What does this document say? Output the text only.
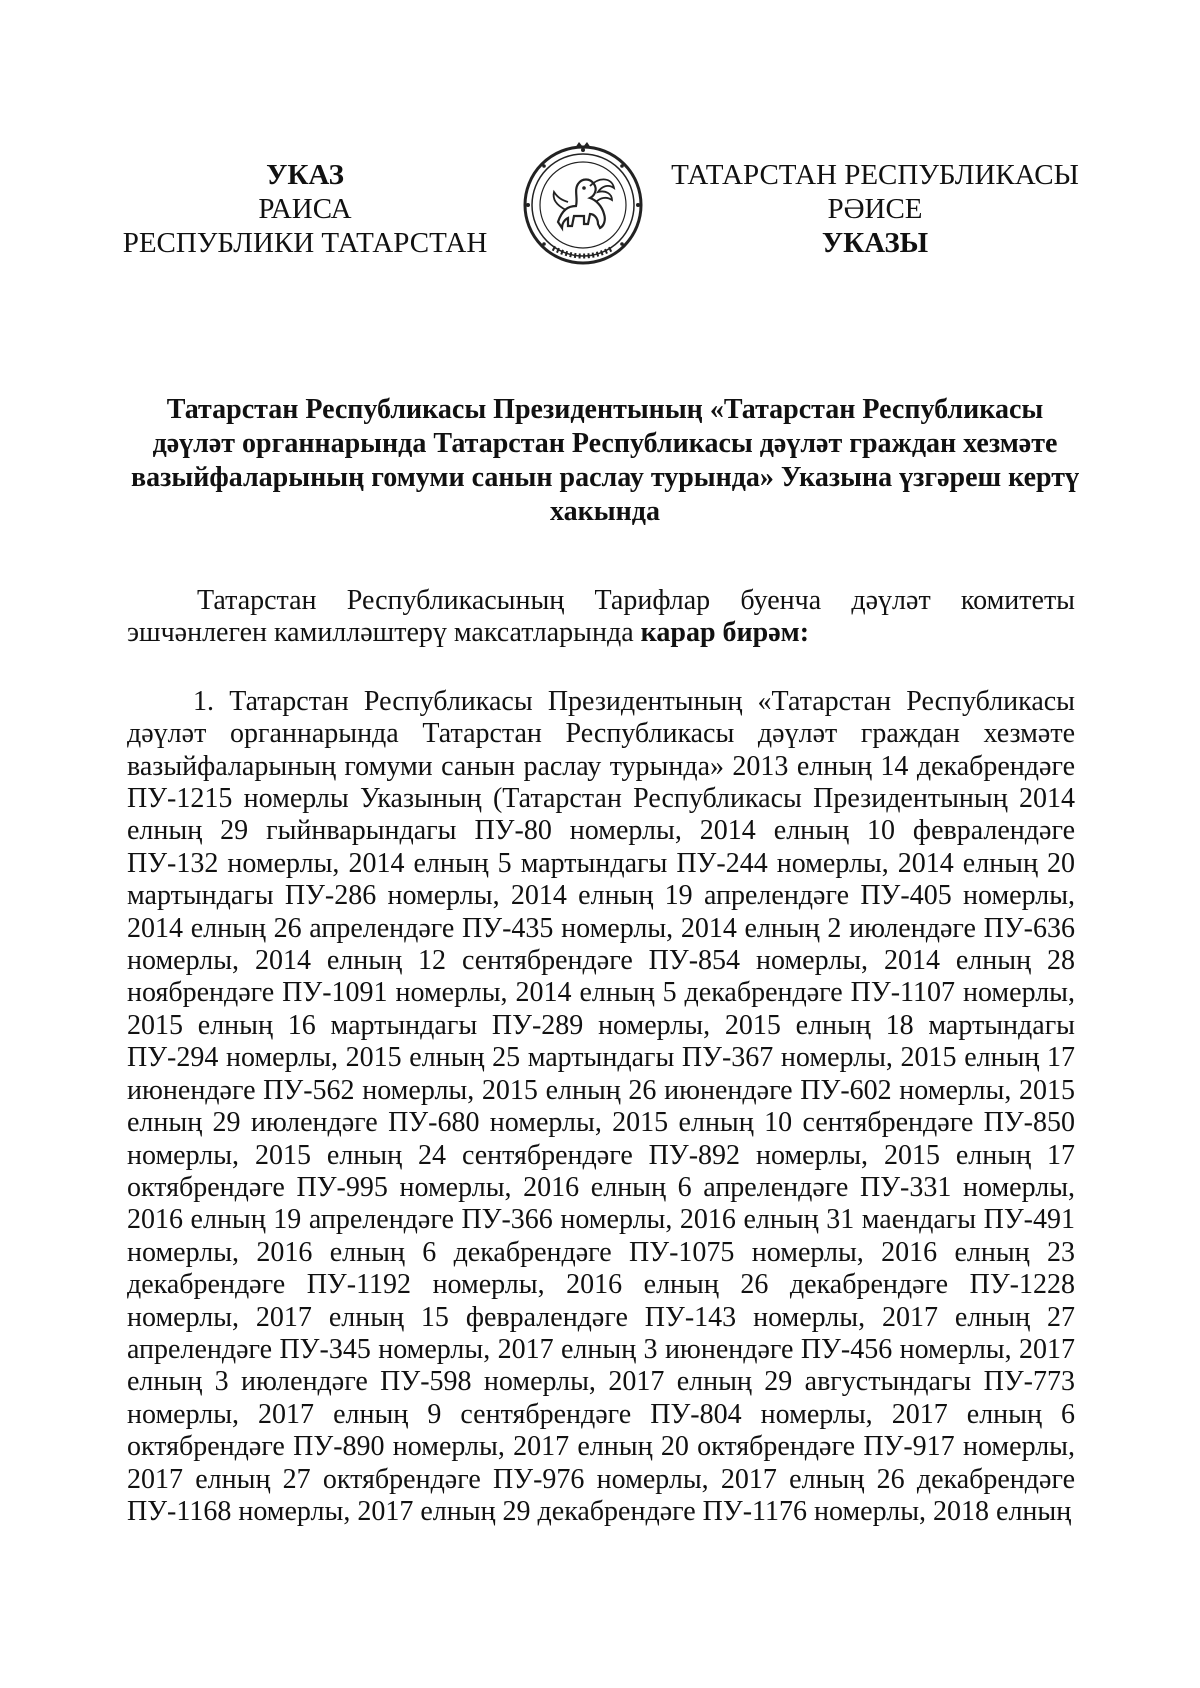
УКАЗ
РАИСА
РЕСПУБЛИКИ ТАТАРСТАН
ТАТАРСТАН РЕСПУБЛИКАСЫ
РӘИСЕ
УКАЗЫ
Татарстан Республикасы Президентының «Татарстан Республикасы дәүләт органнарында Татарстан Республикасы дәүләт граждан хезмәте вазыйфаларының гомуми санын раслау турында» Указына үзгәреш кертү хакында

Татарстан Республикасының Тарифлар буенча дәүләт комитеты эшчәнлеген камилләштерү максатларында карар бирәм:

1. Татарстан Республикасы Президентының «Татарстан Республикасы дәүләт органнарында Татарстан Республикасы дәүләт граждан хезмәте вазыйфаларының гомуми санын раслау турында» 2013 елның 14 декабрендәге ПУ-1215 номерлы Указының (Татарстан Республикасы Президентының 2014 елның 29 гыйнварындагы ПУ-80 номерлы, 2014 елның 10 февралендәге ПУ-132 номерлы, 2014 елның 5 мартындагы ПУ-244 номерлы, 2014 елның 20 мартындагы ПУ-286 номерлы, 2014 елның 19 апрелендәге ПУ-405 номерлы, 2014 елның 26 апрелендәге ПУ-435 номерлы, 2014 елның 2 июлендәге ПУ-636 номерлы, 2014 елның 12 сентябрендәге ПУ-854 номерлы, 2014 елның 28 ноябрендәге ПУ-1091 номерлы, 2014 елның 5 декабрендәге ПУ-1107 номерлы, 2015 елның 16 мартындагы ПУ-289 номерлы, 2015 елның 18 мартындагы ПУ-294 номерлы, 2015 елның 25 мартындагы ПУ-367 номерлы, 2015 елның 17 июнендәге ПУ-562 номерлы, 2015 елның 26 июнендәге ПУ-602 номерлы, 2015 елның 29 июлендәге ПУ-680 номерлы, 2015 елның 10 сентябрендәге ПУ-850 номерлы, 2015 елның 24 сентябрендәге ПУ-892 номерлы, 2015 елның 17 октябрендәге ПУ-995 номерлы, 2016 елның 6 апрелендәге ПУ-331 номерлы, 2016 елның 19 апрелендәге ПУ-366 номерлы, 2016 елның 31 маендагы ПУ-491 номерлы, 2016 елның 6 декабрендәге ПУ-1075 номерлы, 2016 елның 23 декабрендәге ПУ-1192 номерлы, 2016 елның 26 декабрендәге ПУ-1228 номерлы, 2017 елның 15 февралендәге ПУ-143 номерлы, 2017 елның 27 апрелендәге ПУ-345 номерлы, 2017 елның 3 июнендәге ПУ-456 номерлы, 2017 елның 3 июлендәге ПУ-598 номерлы, 2017 елның 29 августындагы ПУ-773 номерлы, 2017 елның 9 сентябрендәге ПУ-804 номерлы, 2017 елның 6 октябрендәге ПУ-890 номерлы, 2017 елның 20 октябрендәге ПУ-917 номерлы, 2017 елның 27 октябрендәге ПУ-976 номерлы, 2017 елның 26 декабрендәге ПУ-1168 номерлы, 2017 елның 29 декабрендәге ПУ-1176 номерлы, 2018 елның
